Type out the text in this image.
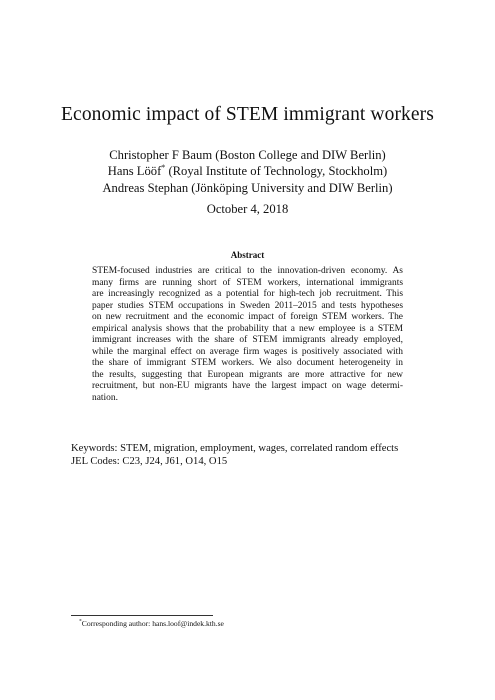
Economic impact of STEM immigrant workers
Christopher F Baum (Boston College and DIW Berlin)
Hans Lööf* (Royal Institute of Technology, Stockholm)
Andreas Stephan (Jönköping University and DIW Berlin)
October 4, 2018
Abstract
STEM-focused industries are critical to the innovation-driven economy. As
many firms are running short of STEM workers, international immigrants
are increasingly recognized as a potential for high-tech job recruitment. This
paper studies STEM occupations in Sweden 2011–2015 and tests hypotheses
on new recruitment and the economic impact of foreign STEM workers. The
empirical analysis shows that the probability that a new employee is a STEM
immigrant increases with the share of STEM immigrants already employed,
while the marginal effect on average firm wages is positively associated with
the share of immigrant STEM workers. We also document heterogeneity in
the results, suggesting that European migrants are more attractive for new
recruitment, but non-EU migrants have the largest impact on wage determi-
nation.
Keywords: STEM, migration, employment, wages, correlated random effects
JEL Codes: C23, J24, J61, O14, O15
*Corresponding author: hans.loof@indek.kth.se
